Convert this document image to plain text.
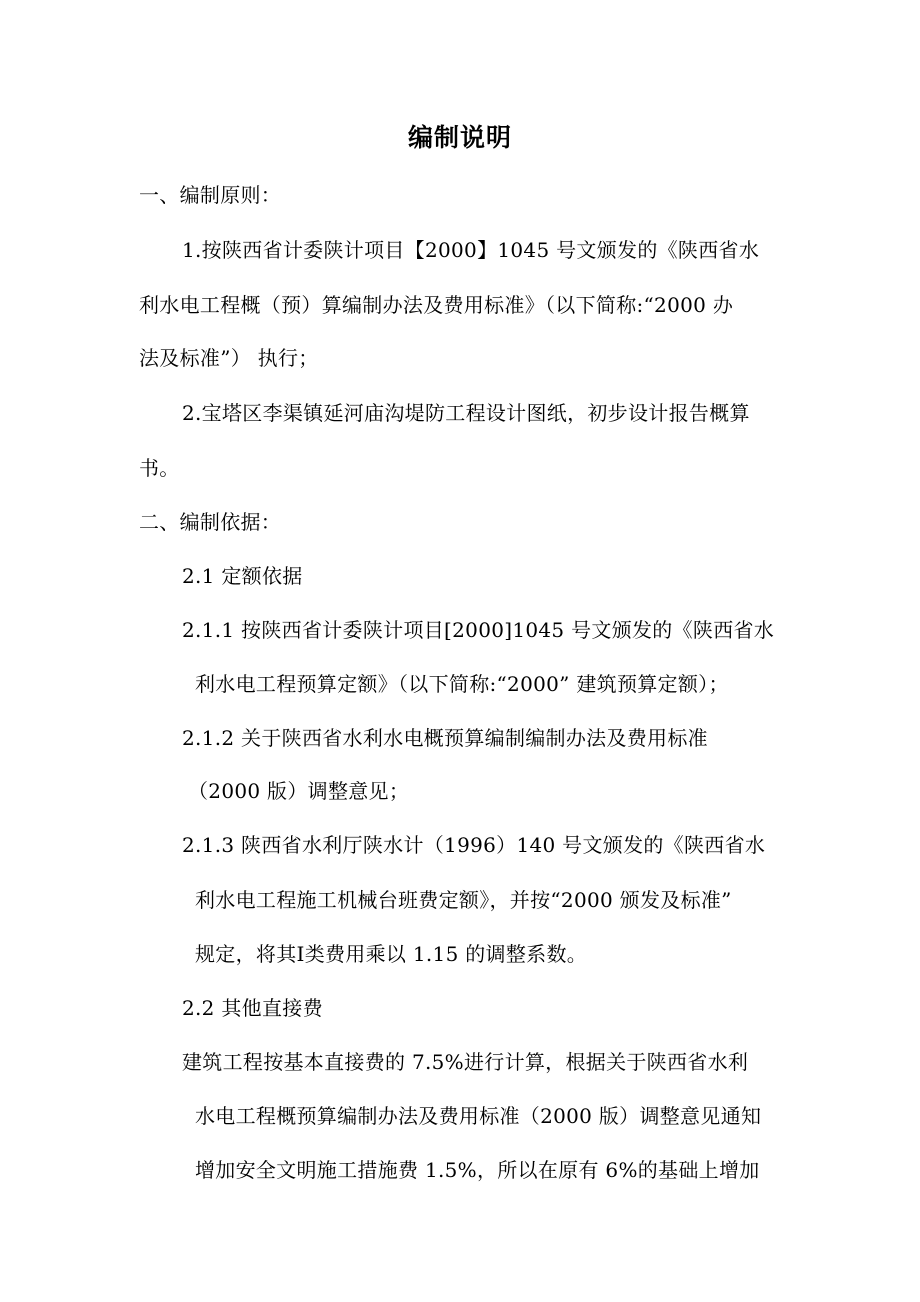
编制说明
一、编制原则：
1.按陕西省计委陕计项目【2000】1045 号文颁发的《陕西省水
利水电工程概（预）算编制办法及费用标准》（以下简称:“2000 办
法及标准”） 执行；
2.宝塔区李渠镇延河庙沟堤防工程设计图纸，初步设计报告概算
书。
二、编制依据：
2.1 定额依据
2.1.1 按陕西省计委陕计项目[2000]1045 号文颁发的《陕西省水
利水电工程预算定额》（以下简称:“2000” 建筑预算定额）；
2.1.2 关于陕西省水利水电概预算编制编制办法及费用标准
（2000 版）调整意见；
2.1.3 陕西省水利厅陕水计（1996）140 号文颁发的《陕西省水
利水电工程施工机械台班费定额》，并按“2000 颁发及标准”
规定，将其Ⅰ类费用乘以 1.15 的调整系数。
2.2 其他直接费
建筑工程按基本直接费的 7.5%进行计算，根据关于陕西省水利
水电工程概预算编制办法及费用标准（2000 版）调整意见通知
增加安全文明施工措施费 1.5%，所以在原有 6%的基础上增加
